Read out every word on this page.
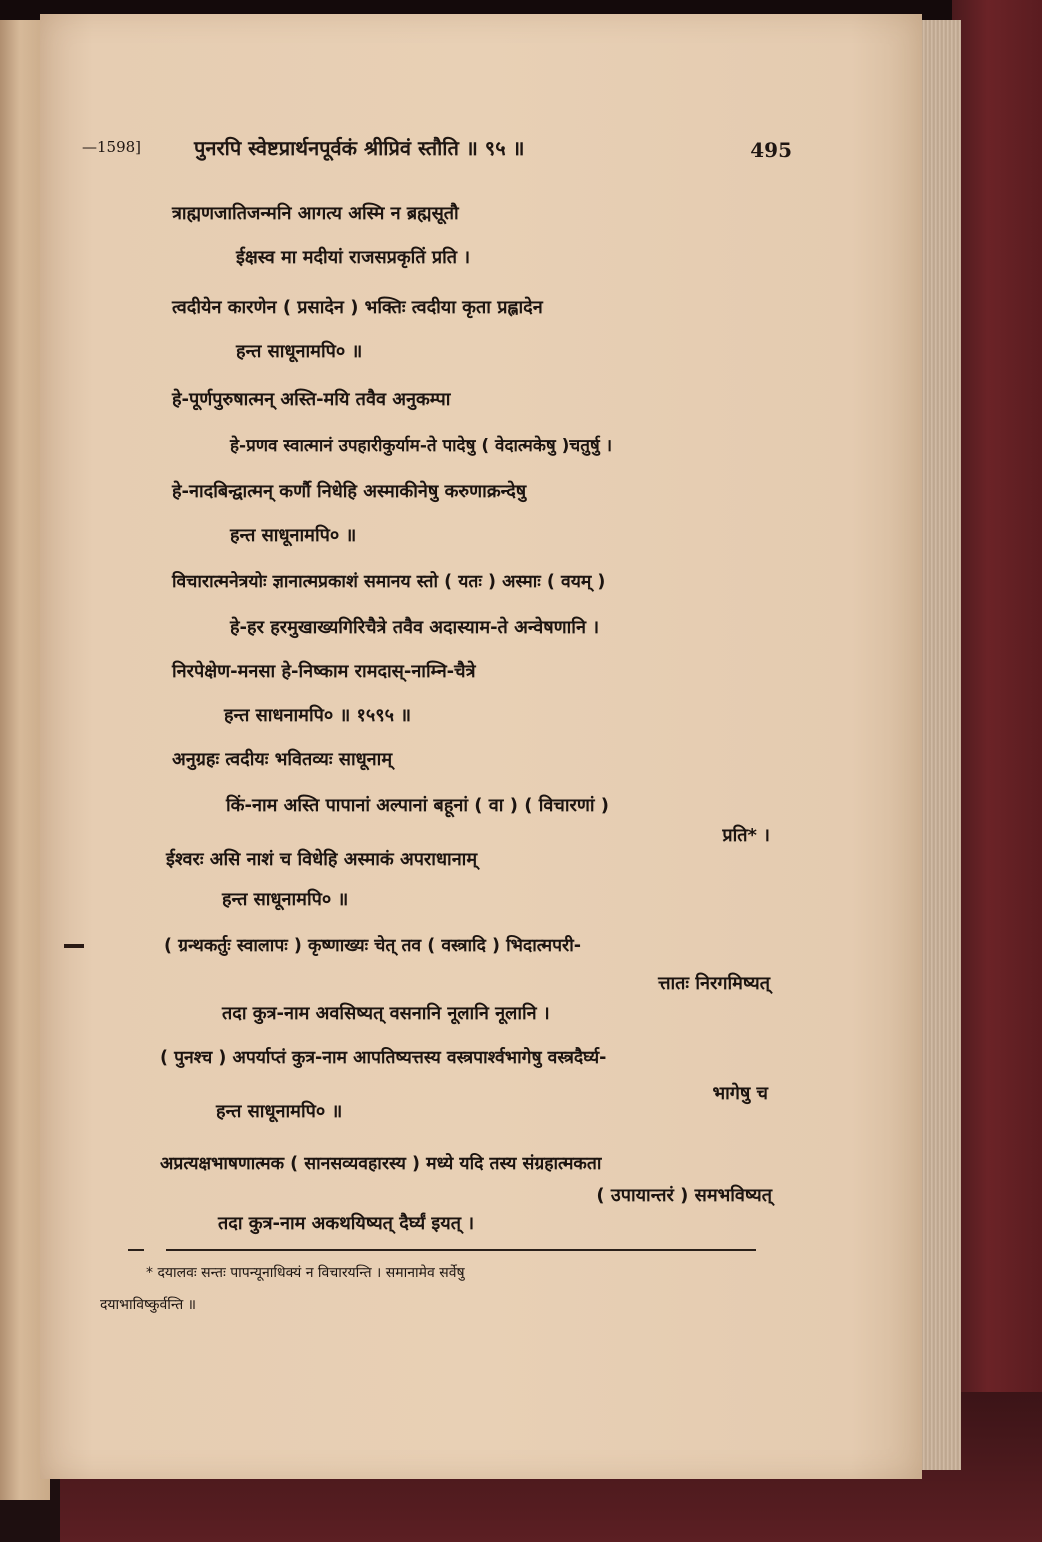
—1598]	पुनरपि स्वेष्टप्रार्थनपूर्वकं श्रीप्रिवं स्तौति ॥ ९५ ॥	495
त्राह्मणजातिजन्मनि आगत्य अस्मि न ब्रह्मसूतौ
ईक्षस्व मा मदीयां राजसप्रकृतिं प्रति ।
त्वदीयेन कारणेन ( प्रसादेन ) भक्तिः त्वदीया कृता प्रह्लादेन
हन्त साधूनामपि० ॥
हे-पूर्णपुरुषात्मन् अस्ति-मयि तवैव अनुकम्पा
हे-प्रणव स्वात्मानं उपहारीकुर्याम-ते पादेषु ( वेदात्मकेषु )चतुर्षु ।
हे-नादबिन्द्वात्मन् कर्णौ निधेहि अस्माकीनेषु करुणाक्रन्देषु
हन्त साधूनामपि० ॥
विचारात्मनेत्रयोः ज्ञानात्मप्रकाशं समानय स्तो ( यतः ) अस्माः ( वयम् )
हे-हर हरमुखाख्यगिरिचैत्रे तवैव अदास्याम-ते अन्वेषणानि ।
निरपेक्षेण-मनसा हे-निष्काम रामदास्-नाम्नि-चैत्रे
हन्त साधनामपि० ॥ १५९५ ॥
अनुग्रहः त्वदीयः भवितव्यः साधूनाम्
किं-नाम अस्ति पापानां अल्पानां बहूनां ( वा ) ( विचारणां )
प्रति* ।
ईश्वरः असि नाशं च विधेहि अस्माकं अपराधानाम्
हन्त साधूनामपि० ॥
( ग्रन्थकर्तुः स्वालापः ) कृष्णाख्यः चेत् तव ( वस्त्रादि ) भिदात्मपरी-
त्तातः निरगमिष्यत्
तदा कुत्र-नाम अवसिष्यत् वसनानि नूलानि नूलानि ।
( पुनश्च ) अपर्याप्तं कुत्र-नाम आपतिष्यत्तस्य वस्त्रपार्श्वभागेषु वस्त्रदैर्घ्य-
भागेषु च
हन्त साधूनामपि० ॥
अप्रत्यक्षभाषणात्मक ( सानसव्यवहारस्य ) मध्ये यदि तस्य संग्रहात्मकता
( उपायान्तरं ) समभविष्यत्
तदा कुत्र-नाम अकथयिष्यत् दैर्घ्यं इयत् ।
* दयालवः सन्तः पापन्यूनाधिक्यं न विचारयन्ति । समानामेव सर्वेषु
दयाभाविष्कुर्वन्ति ॥
